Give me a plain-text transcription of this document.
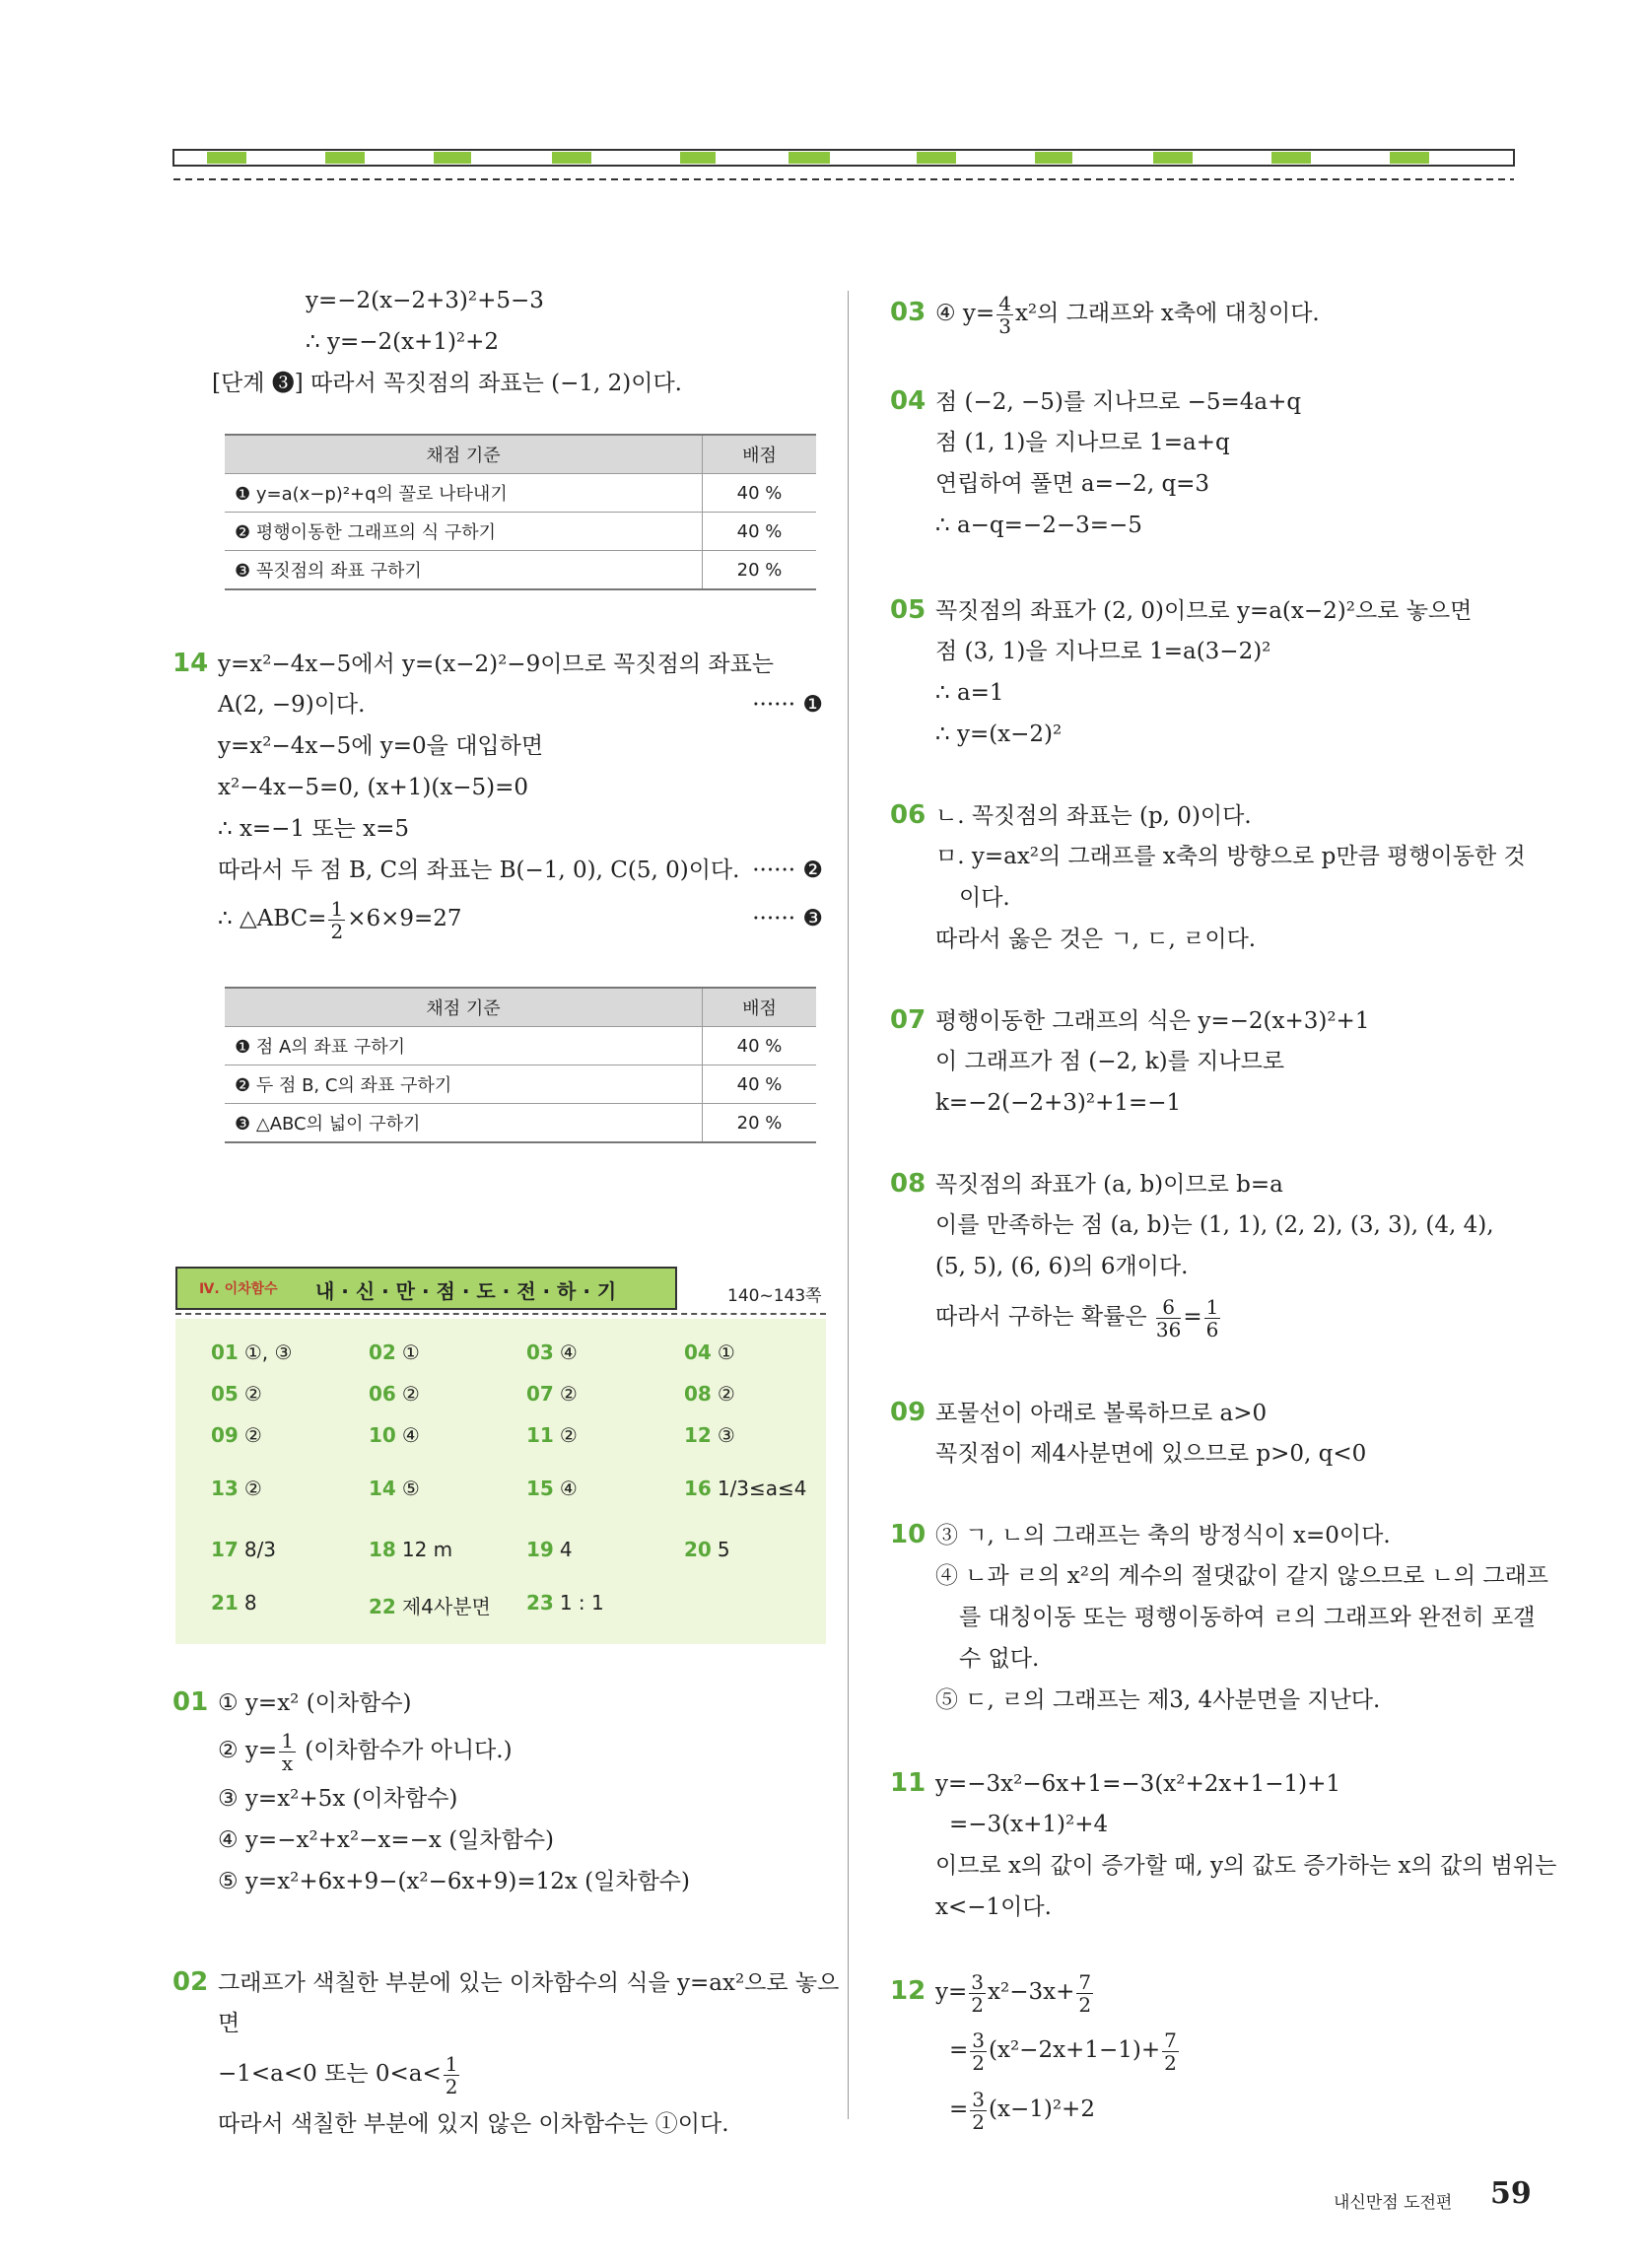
y=−2(x−2+3)²+5−3
∴ y=−2(x+1)²+2
[단계 ❸] 따라서 꼭짓점의 좌표는 (−1, 2)이다.
채점 기준	배점
❶ y=a(x−p)²+q의 꼴로 나타내기	40 %
❷ 평행이동한 그래프의 식 구하기	40 %
❸ 꼭짓점의 좌표 구하기	20 %
14 y=x²−4x−5에서 y=(x−2)²−9이므로 꼭짓점의 좌표는
A(2, −9)이다.	······ ❶
y=x²−4x−5에 y=0을 대입하면
x²−4x−5=0, (x+1)(x−5)=0
∴ x=−1 또는 x=5
따라서 두 점 B, C의 좌표는 B(−1, 0), C(5, 0)이다. ······ ❷
∴ △ABC= $\frac{1}{2} \times 6\times 9=27$	······ ❸
채점 기준	배점
❶ 점 A의 좌표 구하기	40 %
❷ 두 점 B, C의 좌표 구하기	40 %
❸ △ABC의 넓이 구하기	20 %
Ⅳ. 이차함수 내 · 신 · 만 · 점 · 도 · 전 · 하 · 기	140~143쪽
01 ①, ③	02 ①	03 ④	04 ①
05 ②	06 ②	07 ②	08 ②
09 ②	10 ④	11 ②	12 ③
13 ②	14 ⑤	15 ④	16 1/3≤a≤4
17 8/3	18 12 m	19 4	20 5
21 8	22 제4사분면 23 1 : 1
01 ① y=x² (이차함수)
② $y= \frac{1}{x}$ (이차함수가 아니다.)
③ y=x²+5x (이차함수)
④ y=−x²+x²−x=−x (일차함수)
⑤ y=x²+6x+9−(x²−6x+9)=12x (일차함수)
02 그래프가 색칠한 부분에 있는 이차함수의 식을 y=ax²으로 놓으
면
−1<a<0 또는 $0<a< \frac{1}{2}$
따라서 색칠한 부분에 있지 않은 이차함수는 ①이다.
03 ④ $y= \frac{4}{3} x^2$의 그래프와 x축에 대칭이다.
04 점 (−2, −5)를 지나므로 −5=4a+q
점 (1, 1)을 지나므로 1=a+q
연립하여 풀면 a=−2, q=3
∴ a−q=−2−3=−5
05 꼭짓점의 좌표가 (2, 0)이므로 y=a(x−2)²으로 놓으면
점 (3, 1)을 지나므로 1=a(3−2)²
∴ a=1
∴ y=(x−2)²
06 ㄴ. 꼭짓점의 좌표는 (p, 0)이다.
ㅁ. y=ax²의 그래프를 x축의 방향으로 p만큼 평행이동한 것
이다.
따라서 옳은 것은 ㄱ, ㄷ, ㄹ이다.
07 평행이동한 그래프의 식은 y=−2(x+3)²+1
이 그래프가 점 (−2, k)를 지나므로
k=−2(−2+3)²+1=−1
08 꼭짓점의 좌표가 (a, b)이므로 b=a
이를 만족하는 점 (a, b)는 (1, 1), (2, 2), (3, 3), (4, 4),
(5, 5), (6, 6)의 6개이다.
따라서 구하는 확률은 $\frac{6}{36} = \frac{1}{6}$
09 포물선이 아래로 볼록하므로 a>0
꼭짓점이 제4사분면에 있으므로 p>0, q<0
10 ③ ㄱ, ㄴ의 그래프는 축의 방정식이 x=0이다.
④ ㄴ과 ㄹ의 x²의 계수의 절댓값이 같지 않으므로 ㄴ의 그래프
를 대칭이동 또는 평행이동하여 ㄹ의 그래프와 완전히 포갤
수 없다.
⑤ ㄷ, ㄹ의 그래프는 제3, 4사분면을 지난다.
11 y=−3x²−6x+1=−3(x²+2x+1−1)+1
=−3(x+1)²+4
이므로 x의 값이 증가할 때, y의 값도 증가하는 x의 값의 범위는
x<−1이다.
12 $y= \frac{3}{2} x^2-3x+ \frac{7}{2}$
= $\frac{3}{2} (x^2-2x+1-1)+ \frac{7}{2}$
= $\frac{3}{2} (x-1)^2+2$
내신만점 도전편 59
